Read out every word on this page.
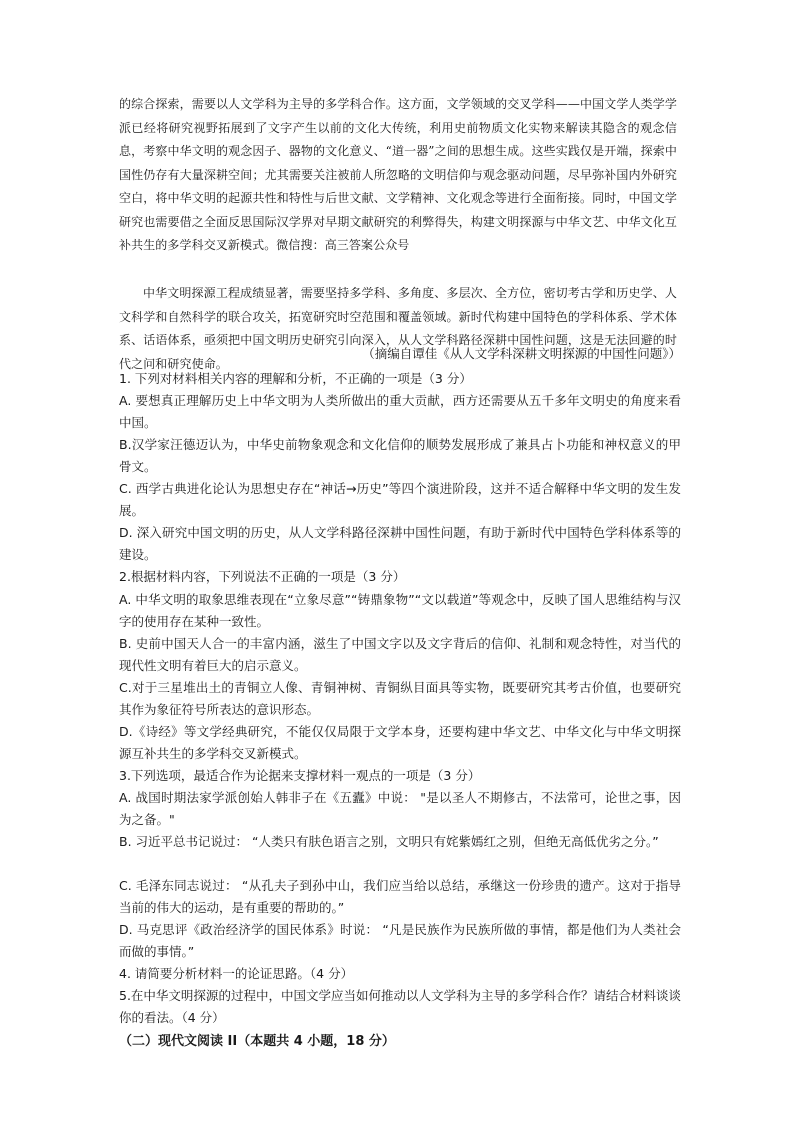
的综合探索，需要以人文学科为主导的多学科合作。这方面，文学领域的交叉学科——中国文学人类学学派已经将研究视野拓展到了文字产生以前的文化大传统，利用史前物质文化实物来解读其隐含的观念信息，考察中华文明的观念因子、器物的文化意义、“道一器”之间的思想生成。这些实践仅是开端，探索中国性仍存有大量深耕空间；尤其需要关注被前人所忽略的文明信仰与观念驱动问题，尽早弥补国内外研究空白，将中华文明的起源共性和特性与后世文献、文学精神、文化观念等进行全面衔接。同时，中国文学研究也需要借之全面反思国际汉学界对早期文献研究的利弊得失，构建文明探源与中华文艺、中华文化互补共生的多学科交叉新模式。微信搜：高三答案公众号
中华文明探源工程成绩显著，需要坚持多学科、多角度、多层次、全方位，密切考古学和历史学、人文科学和自然科学的联合攻关，拓宽研究时空范围和覆盖领域。新时代构建中国特色的学科体系、学术体系、话语体系，亟须把中国文明历史研究引向深入，从人文学科路径深耕中国性问题，这是无法回避的时代之问和研究使命。
（摘编自谭佳《从人文学科深耕文明探源的中国性问题》）
1. 下列对材料相关内容的理解和分析，不正确的一项是（3 分）
A. 要想真正理解历史上中华文明为人类所做出的重大贡献，西方还需要从五千多年文明史的角度来看中国。
B.汉学家汪德迈认为，中华史前物象观念和文化信仰的顺势发展形成了兼具占卜功能和神权意义的甲骨文。
C. 西学古典进化论认为思想史存在“神话→历史”等四个演进阶段，这并不适合解释中华文明的发生发展。
D. 深入研究中国文明的历史，从人文学科路径深耕中国性问题，有助于新时代中国特色学科体系等的建设。
2.根据材料内容，下列说法不正确的一项是（3 分）
A. 中华文明的取象思维表现在“立象尽意”“铸鼎象物”“文以载道”等观念中，反映了国人思维结构与汉字的使用存在某种一致性。
B. 史前中国天人合一的丰富内涵，滋生了中国文字以及文字背后的信仰、礼制和观念特性，对当代的现代性文明有着巨大的启示意义。
C.对于三星堆出土的青铜立人像、青铜神树、青铜纵目面具等实物，既要研究其考古价值，也要研究其作为象征符号所表达的意识形态。
D.《诗经》等文学经典研究，不能仅仅局限于文学本身，还要构建中华文艺、中华文化与中华文明探源互补共生的多学科交叉新模式。
3.下列选项，最适合作为论据来支撑材料一观点的一项是（3 分）
A. 战国时期法家学派创始人韩非子在《五蠹》中说： "是以圣人不期修古，不法常可，论世之事，因为之备。"
B. 习近平总书记说过： “人类只有肤色语言之别，文明只有姹紫嫣红之别，但绝无高低优劣之分。”
C. 毛泽东同志说过： “从孔夫子到孙中山，我们应当给以总结，承继这一份珍贵的遗产。这对于指导当前的伟大的运动，是有重要的帮助的。”
D. 马克思评《政治经济学的国民体系》时说： “凡是民族作为民族所做的事情，都是他们为人类社会而做的事情。”
4. 请简要分析材料一的论证思路。（4 分）
5.在中华文明探源的过程中，中国文学应当如何推动以人文学科为主导的多学科合作？请结合材料谈谈你的看法。（4 分）
（二）现代文阅读 II（本题共 4 小题，18 分）
